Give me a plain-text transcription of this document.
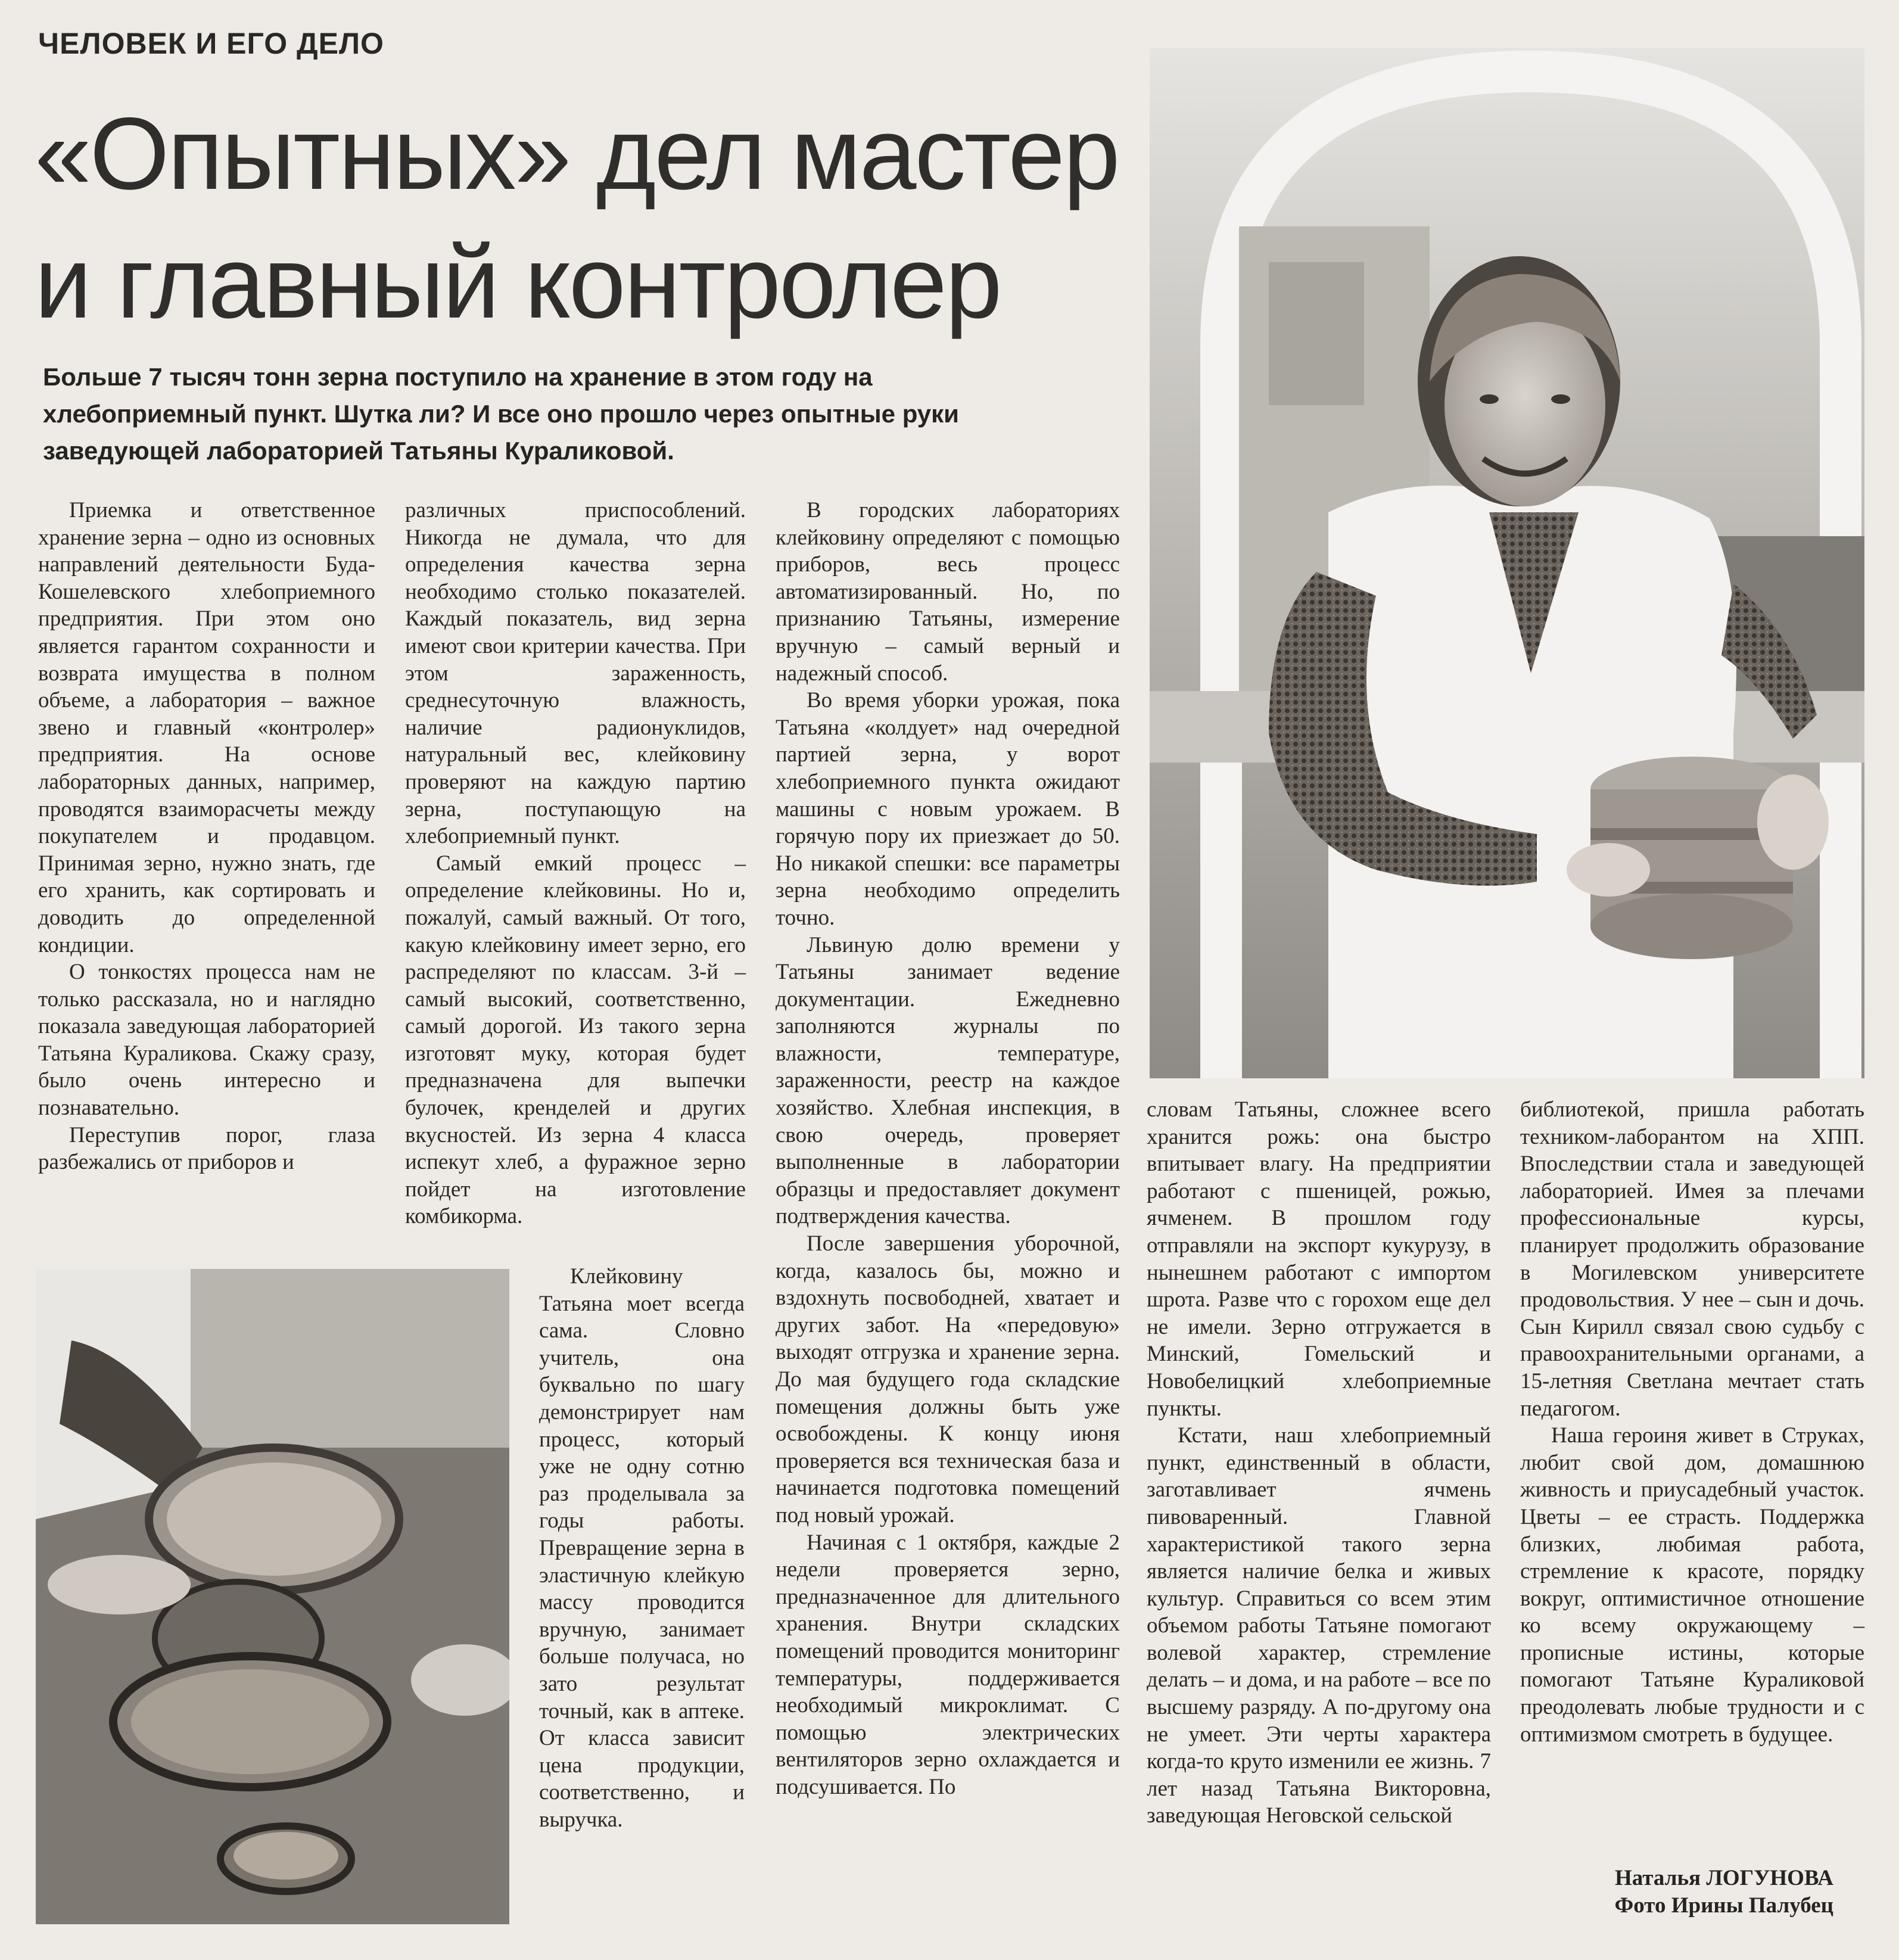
ЧЕЛОВЕК И ЕГО ДЕЛО
«Опытных» дел мастер
и главный контролер
Больше 7 тысяч тонн зерна поступило на хранение в этом году на хлебоприемный пункт. Шутка ли? И все оно прошло через опытные руки заведующей лабораторией Татьяны Кураликовой.

Приемка и ответственное хранение зерна – одно из основных направлений деятельности Буда-Кошелевского хлебоприемного предприятия. При этом оно является гарантом сохранности и возврата имущества в полном объеме, а лаборатория – важное звено и главный «контролер» предприятия. На основе лабораторных данных, например, проводятся взаиморасчеты между покупателем и продавцом. Принимая зерно, нужно знать, где его хранить, как сортировать и доводить до определенной кондиции.

О тонкостях процесса нам не только рассказала, но и наглядно показала заведующая лабораторией Татьяна Кураликова. Скажу сразу, было очень интересно и познавательно.

Переступив порог, глаза разбежались от приборов и

различных приспособлений. Никогда не думала, что для определения качества зерна необходимо столько показателей. Каждый показатель, вид зерна имеют свои критерии качества. При этом зараженность, среднесуточную влажность, наличие радионуклидов, натуральный вес, клейковину проверяют на каждую партию зерна, поступающую на хлебоприемный пункт.

Самый емкий процесс – определение клейковины. Но и, пожалуй, самый важный. От того, какую клейковину имеет зерно, его распределяют по классам. 3-й – самый высокий, соответственно, самый дорогой. Из такого зерна изготовят муку, которая будет предназначена для выпечки булочек, кренделей и других вкусностей. Из зерна 4 класса испекут хлеб, а фуражное зерно пойдет на изготовление комбикорма.

Клейковину Татьяна моет всегда сама. Словно учитель, она буквально по шагу демонстрирует нам процесс, который уже не одну сотню раз проделывала за годы работы. Превращение зерна в эластичную клейкую массу проводится вручную, занимает больше получаса, но зато результат точный, как в аптеке. От класса зависит цена продукции, соответственно, и выручка.

В городских лабораториях клейковину определяют с помощью приборов, весь процесс автоматизированный. Но, по признанию Татьяны, измерение вручную – самый верный и надежный способ.

Во время уборки урожая, пока Татьяна «колдует» над очередной партией зерна, у ворот хлебоприемного пункта ожидают машины с новым урожаем. В горячую пору их приезжает до 50. Но никакой спешки: все параметры зерна необходимо определить точно.

Львиную долю времени у Татьяны занимает ведение документации. Ежедневно заполняются журналы по влажности, температуре, зараженности, реестр на каждое хозяйство. Хлебная инспекция, в свою очередь, проверяет выполненные в лаборатории образцы и предоставляет документ подтверждения качества.

После завершения уборочной, когда, казалось бы, можно и вздохнуть посвободней, хватает и других забот. На «передовую» выходят отгрузка и хранение зерна. До мая будущего года складские помещения должны быть уже освобождены. К концу июня проверяется вся техническая база и начинается подготовка помещений под новый урожай.

Начиная с 1 октября, каждые 2 недели проверяется зерно, предназначенное для длительного хранения. Внутри складских помещений проводится мониторинг температуры, поддерживается необходимый микроклимат. С помощью электрических вентиляторов зерно охлаждается и подсушивается. По

словам Татьяны, сложнее всего хранится рожь: она быстро впитывает влагу. На предприятии работают с пшеницей, рожью, ячменем. В прошлом году отправляли на экспорт кукурузу, в нынешнем работают с импортом шрота. Разве что с горохом еще дел не имели. Зерно отгружается в Минский, Гомельский и Новобелицкий хлебоприемные пункты.

Кстати, наш хлебоприемный пункт, единственный в области, заготавливает ячмень пивоваренный. Главной характеристикой такого зерна является наличие белка и живых культур. Справиться со всем этим объемом работы Татьяне помогают волевой характер, стремление делать – и дома, и на работе – все по высшему разряду. А по-другому она не умеет. Эти черты характера когда-то круто изменили ее жизнь. 7 лет назад Татьяна Викторовна, заведующая Неговской сельской

библиотекой, пришла работать техником-лаборантом на ХПП. Впоследствии стала и заведующей лабораторией. Имея за плечами профессиональные курсы, планирует продолжить образование в Могилевском университете продовольствия. У нее – сын и дочь. Сын Кирилл связал свою судьбу с правоохранительными органами, а 15-летняя Светлана мечтает стать педагогом.

Наша героиня живет в Струках, любит свой дом, домашнюю живность и приусадебный участок. Цветы – ее страсть. Поддержка близких, любимая работа, стремление к красоте, порядку вокруг, оптимистичное отношение ко всему окружающему – прописные истины, которые помогают Татьяне Кураликовой преодолевать любые трудности и с оптимизмом смотреть в будущее.

Наталья ЛОГУНОВА
Фото Ирины Палубец
